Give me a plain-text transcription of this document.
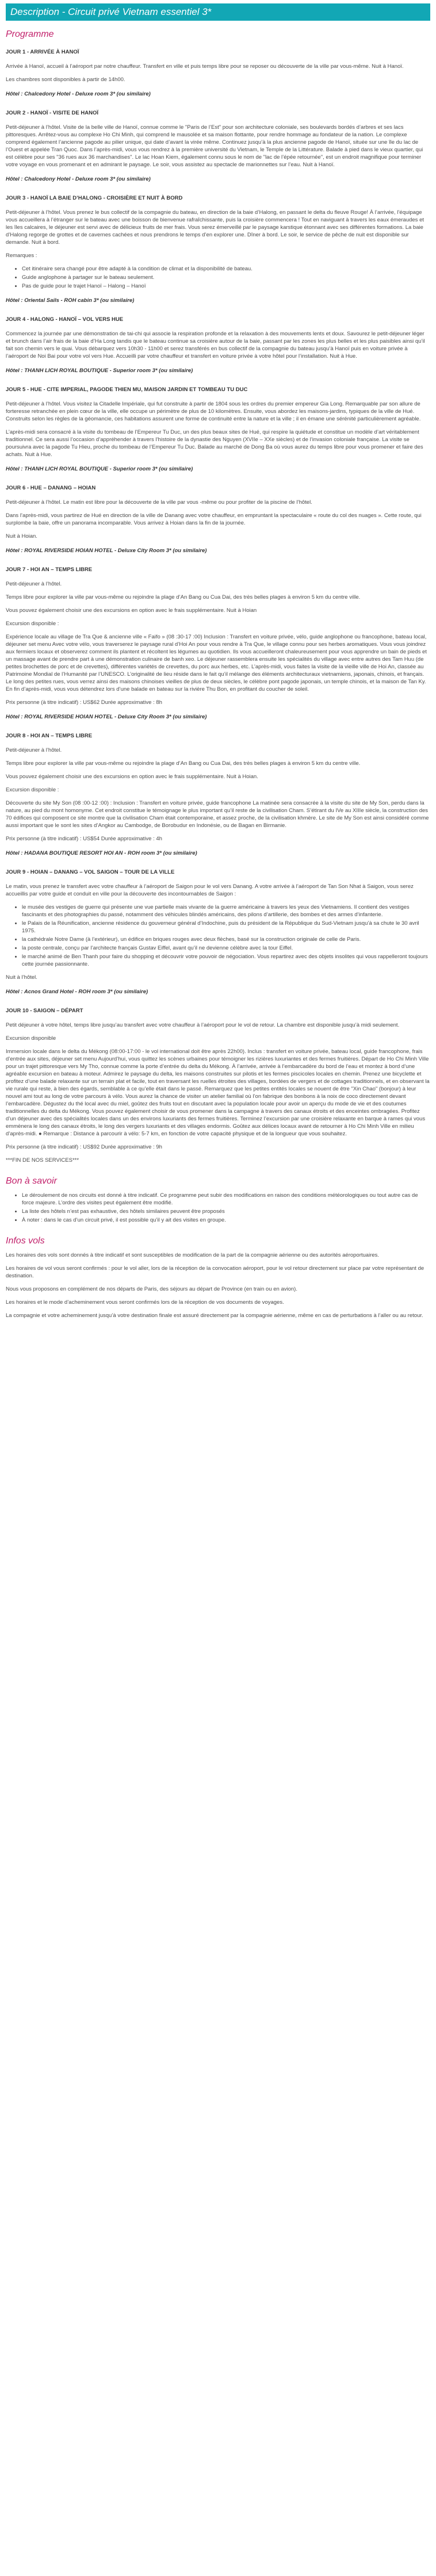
Description - Circuit privé Vietnam essentiel 3*
Programme
JOUR 1 - ARRIVÉE À HANOÏ

Arrivée à Hanoï, accueil à l’aéroport par notre chauffeur. Transfert en ville et puis temps libre pour se reposer ou découverte de la ville par vous-même. Nuit à Hanoï.

Les chambres sont disponibles à partir de 14h00.

Hôtel : Chalcedony Hotel - Deluxe room 3* (ou similaire)
JOUR 2 - HANOÏ - VISITE DE HANOÏ

Petit-déjeuner à l’hôtel. Visite de la belle ville de Hanoï, connue comme le "Paris de l’Est" pour son architecture coloniale, ses boulevards bordés d’arbres et ses lacs pittoresques. Arrêtez-vous au complexe Ho Chi Minh, qui comprend le mausolée et sa maison flottante, pour rendre hommage au fondateur de la nation. Le complexe comprend également l’ancienne pagode au pilier unique, qui date d’avant la virée même. Continuez jusqu’à la plus ancienne pagode de Hanoï, située sur une île du lac de l’Ouest et appelée Tran Quoc. Dans l’après-midi, vous vous rendrez à la première université du Vietnam, le Temple de la Littérature. Balade à pied dans le vieux quartier, qui est célèbre pour ses "36 rues aux 36 marchandises". Le lac Hoan Kiem, également connu sous le nom de "lac de l’épée retournée", est un endroit magnifique pour terminer votre voyage en vous promenant et en admirant le paysage. Le soir, vous assistez au spectacle de marionnettes sur l’eau. Nuit à Hanoï.

Hôtel : Chalcedony Hotel - Deluxe room 3* (ou similaire)
JOUR 3 - HANOÏ LA BAIE D’HALONG - CROISIÈRE ET NUIT À BORD

Petit-déjeuner à l’hôtel. Vous prenez le bus collectif de la compagnie du bateau, en direction de la baie d’Halong, en passant le delta du fleuve Rouge! À l’arrivée, l’équipage vous accueillera à l’étranger sur le bateau avec une boisson de bienvenue rafraîchissante, puis la croisière commencera ! Tout en naviguant à travers les eaux émeraudes et les îles calcaires, le déjeuner est servi avec de délicieux fruits de mer frais. Vous serez émerveillé par le paysage karstique étonnant avec ses différentes formations. La baie d’Halong regorge de grottes et de cavernes cachées et nous prendrons le temps d’en explorer une. Dîner à bord. Le soir, le service de pêche de nuit est disponible sur demande. Nuit à bord.

Remarques :

• Cet itinéraire sera changé pour être adapté à la condition de climat et la disponibilité de bateau.
• Guide anglophone à partager sur le bateau seulement.
• Pas de guide pour le trajet Hanoï – Halong – Hanoï
Hôtel : Oriental Sails - ROH cabin 3* (ou similaire)
JOUR 4 - HALONG - HANOÏ – VOL VERS HUE

Commencez la journée par une démonstration de tai-chi qui associe la respiration profonde et la relaxation à des mouvements lents et doux. Savourez le petit-déjeuner léger et brunch dans l’air frais de la baie d’Ha Long tandis que le bateau continue sa croisière autour de la baie, passant par les zones les plus belles et les plus paisibles ainsi qu’il fait son chemin vers le quai. Vous débarquez vers 10h30 - 11h00 et serez transférés en bus collectif de la compagnie du bateau jusqu’à Hanoï puis en voiture privée à l’aéroport de Noi Bai pour votre vol vers Hue. Accueilli par votre chauffeur et transfert en voiture privée à votre hôtel pour l’installation. Nuit à Hue.

Hôtel : THANH LICH ROYAL BOUTIQUE - Superior room 3* (ou similaire)
JOUR 5 - HUE - CITE IMPERIAL, PAGODE THIEN MU, MAISON JARDIN ET TOMBEAU TU DUC

Petit-déjeuner à l’hôtel. Vous visitez la Citadelle Impériale, qui fut construite à partir de 1804 sous les ordres du premier empereur Gia Long. Remarquable par son allure de forteresse retranchée en plein cœur de la ville, elle occupe un périmètre de plus de 10 kilomètres. Ensuite, vous abordez les maisons-jardins, typiques de la ville de Hué. Construits selon les règles de la géomancie, ces habitations assurent une forme de continuité entre la nature et la ville ; il en émane une sérénité particulièrement agréable.

L’après-midi sera consacré à la visite du tombeau de l’Empereur Tu Duc, un des plus beaux sites de Hué, qui respire la quiétude et constitue un modèle d’art véritablement traditionnel. Ce sera aussi l’occasion d’appréhender à travers l’histoire de la dynastie des Nguyen (XVIIe – XXe siècles) et de l’invasion coloniale française. La visite se poursuivra avec la pagode Tu Hieu, proche du tombeau de l’Empereur Tu Duc. Balade au marché de Dong Ba où vous aurez du temps libre pour vous promener et faire des achats. Nuit à Hue.

Hôtel : THANH LICH ROYAL BOUTIQUE - Superior room 3* (ou similaire)
JOUR 6 - HUE – DANANG – HOIAN

Petit-déjeuner à l’hôtel. Le matin est libre pour la découverte de la ville par vous -même ou pour profiter de la piscine de l’hôtel.

Dans l’après-midi, vous partirez de Hué en direction de la ville de Danang avec votre chauffeur, en empruntant la spectaculaire « route du col des nuages ». Cette route, qui surplombe la baie, offre un panorama incomparable. Vous arrivez à Hoian dans la fin de la journée.

Nuit à Hoian.

Hôtel : ROYAL RIVERSIDE HOIAN HOTEL - Deluxe City Room 3* (ou similaire)
JOUR 7 - HOI AN – TEMPS LIBRE

Petit-déjeuner à l’hôtel.

Temps libre pour explorer la ville par vous-même ou rejoindre la plage d’An Bang ou Cua Dai, des très belles plages à environ 5 km du centre ville.

Vous pouvez également choisir une des excursions en option avec le frais supplémentaire. Nuit à Hoian

Excursion disponible :

Expérience locale au village de Tra Que & ancienne ville « Faifo » (08 :30-17 :00) Inclusion : Transfert en voiture privée, vélo, guide anglophone ou francophone, bateau local, déjeuner set menu Avec votre vélo, vous traverserez le paysage rural d’Hoi An pour vous rendre à Tra Que, le village connu pour ses herbes aromatiques. Vous vous joindrez aux fermiers locaux et observerez comment ils plantent et récoltent les légumes au quotidien. Ils vous accueilleront chaleureusement pour vous apprendre un bain de pieds et un massage avant de prendre part à une démonstration culinaire de banh xeo. Le déjeuner rassemblera ensuite les spécialités du village avec entre autres des Tam Huu (de petites brochettes de porc et de crevettes), différentes variétés de crevettes, du porc aux herbes, etc. L’après-midi, vous faites la visite de la vieille ville de Hoi An, classée au Patrimoine Mondial de l’Humanité par l’UNESCO. L’originalité de lieu réside dans le fait qu’il mélange des éléments architecturaux vietnamiens, japonais, chinois, et français. Le long des petites rues, vous verrez ainsi des maisons chinoises vieilles de plus de deux siècles, le célèbre pont pagode japonais, un temple chinois, et la maison de Tan Ky. En fin d’après-midi, vous vous détendrez lors d’une balade en bateau sur la rivière Thu Bon, en profitant du coucher de soleil.

Prix personne (à titre indicatif) : US$62 Durée approximative : 8h

Hôtel : ROYAL RIVERSIDE HOIAN HOTEL - Deluxe City Room 3* (ou similaire)
JOUR 8 - HOI AN – TEMPS LIBRE

Petit-déjeuner à l’hôtel.

Temps libre pour explorer la ville par vous-même ou rejoindre la plage d’An Bang ou Cua Dai, des très belles plages à environ 5 km du centre ville.

Vous pouvez également choisir une des excursions en option avec le frais supplémentaire. Nuit à Hoian.

Excursion disponible :

Découverte du site My Son (08 :00-12 :00) : Inclusion : Transfert en voiture privée, guide francophone La matinée sera consacrée à la visite du site de My Son, perdu dans la nature, au pied du mont homonyme. Cet endroit constitue le témoignage le plus important qu’il reste de la civilisation Cham. S’étirant du IVe au XIIIe siècle, la construction des 70 édifices qui composent ce site montre que la civilisation Cham était contemporaine, et assez proche, de la civilisation khmère. Le site de My Son est ainsi considéré comme aussi important que le sont les sites d’Angkor au Cambodge, de Borobudur en Indonésie, ou de Bagan en Birmanie.

Prix personne (à titre indicatif) : US$54 Durée approximative : 4h

Hôtel : HADANA BOUTIQUE RESORT HOI AN - ROH room 3* (ou similaire)
JOUR 9 - HOIAN – DANANG – VOL SAIGON – TOUR DE LA VILLE

Le matin, vous prenez le transfert avec votre chauffeur à l’aéroport de Saigon pour le vol vers Danang. A votre arrivée à l’aéroport de Tan Son Nhat à Saigon, vous serez accueillis par votre guide et conduit en ville pour la découverte des incontournables de Saigon :

• le musée des vestiges de guerre qui présente une vue partielle mais vivante de la guerre américaine à travers les yeux des Vietnamiens. Il contient des vestiges fascinants et des photographies du passé, notamment des véhicules blindés américains, des pilons d’artillerie, des bombes et des armes d’infanterie.
• le Palais de la Réunification, ancienne résidence du gouverneur général d’Indochine, puis du président de la République du Sud-Vietnam jusqu’à sa chute le 30 avril 1975.
• la cathédrale Notre Dame (à l’extérieur), un édifice en briques rouges avec deux flèches, basé sur la construction originale de celle de Paris.
• la poste centrale, conçu par l’architecte français Gustav Eiffel, avant qu’il ne devienne célèbre avec la tour Eiffel.
• le marché animé de Ben Thanh pour faire du shopping et découvrir votre pouvoir de négociation. Vous repartirez avec des objets insolites qui vous rappelleront toujours cette journée passionnante.

Nuit à l’hôtel.

Hôtel : Acnos Grand Hotel - ROH room 3* (ou similaire)
JOUR 10 - SAIGON – DÉPART

Petit déjeuner à votre hôtel, temps libre jusqu’au transfert avec votre chauffeur à l’aéroport pour le vol de retour. La chambre est disponible jusqu’à midi seulement.

Excursion disponible

Immersion locale dans le delta du Mékong (08:00-17:00 - le vol international doit être après 22h00). Inclus : transfert en voiture privée, bateau local, guide francophone, frais d’entrée aux sites, déjeuner set menu Aujourd’hui, vous quittez les scènes urbaines pour témoigner les rizières luxuriantes et des fermes fruitières. Départ de Ho Chi Minh Ville pour un trajet pittoresque vers My Tho, connue comme la porte d’entrée du delta du Mékong. À l’arrivée, arrivée à l’embarcadère du bord de l’eau et montez à bord d’une agréable excursion en bateau à moteur. Admirez le paysage du delta, les maisons construites sur pilotis et les fermes piscicoles locales en chemin. Prenez une bicyclette et profitez d’une balade relaxante sur un terrain plat et facile, tout en traversant les ruelles étroites des villages, bordées de vergers et de cottages traditionnels, et en observant la vie rurale qui reste, à bien des égards, semblable à ce qu’elle était dans le passé. Remarquez que les petites entités locales se nouent de être "Xin Chao" (bonjour) à leur nouvel ami tout au long de votre parcours à vélo. Vous aurez la chance de visiter un atelier familial où l’on fabrique des bonbons à la noix de coco directement devant l’embarcadère. Dégustez du thé local avec du miel, goûtez des fruits tout en discutant avec la population locale pour avoir un aperçu du mode de vie et des coutumes traditionnelles du delta du Mékong. Vous pouvez également choisir de vous promener dans la campagne à travers des canaux étroits et des enceintes ombragées. Profitez d’un déjeuner avec des spécialités locales dans un des environs luxuriants des fermes fruitières. Terminez l’excursion par une croisière relaxante en barque à rames qui vous emmènera le long des canaux étroits, le long des vergers luxuriants et des villages endormis. Goûtez aux délices locaux avant de retourner à Ho Chi Minh Ville en milieu d’après-midi. ● Remarque : Distance à parcourir à vélo: 5-7 km, en fonction de votre capacité physique et de la longueur que vous souhaitez.

Prix personne (à titre indicatif) : US$92 Durée approximative : 9h

***FIN DE NOS SERVICES***

Bon à savoir
• Le déroulement de nos circuits est donné à titre indicatif. Ce programme peut subir des modifications en raison des conditions météorologiques ou tout autre cas de force majeure. L’ordre des visites peut également être modifié.
• La liste des hôtels n’est pas exhaustive, des hôtels similaires peuvent être proposés
• À noter : dans le cas d’un circuit privé, il est possible qu’il y ait des visites en groupe.
Infos vols

Les horaires des vols sont donnés à titre indicatif et sont susceptibles de modification de la part de la compagnie aérienne ou des autorités aéroportuaires.

Les horaires de vol vous seront confirmés : pour le vol aller, lors de la réception de la convocation aéroport, pour le vol retour directement sur place par votre représentant de destination.

Nous vous proposons en complément de nos départs de Paris, des séjours au départ de Province (en train ou en avion).

Les horaires et le mode d’acheminement vous seront confirmés lors de la réception de vos documents de voyages.

La compagnie et votre acheminement jusqu’à votre destination finale est assuré directement par la compagnie aérienne, même en cas de perturbations à l’aller ou au retour.
